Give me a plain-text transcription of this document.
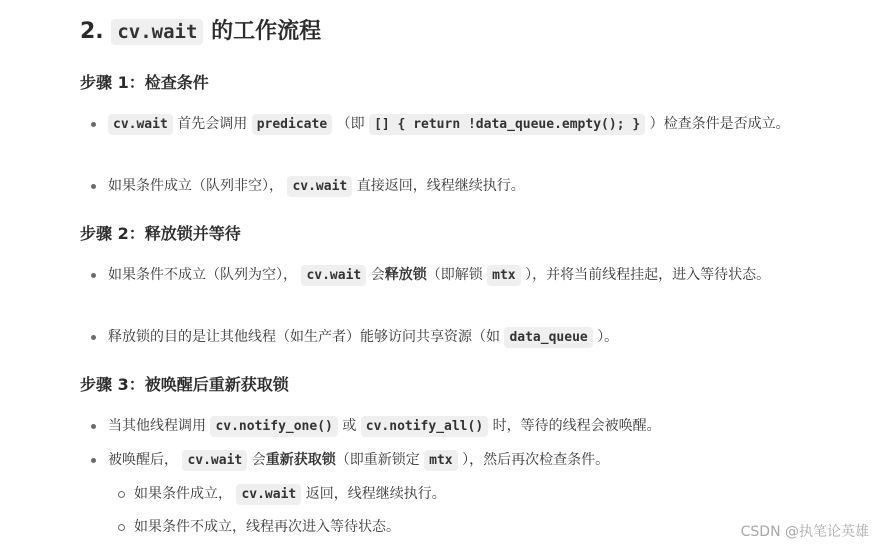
2. cv.wait 的工作流程
步骤 1：检查条件
cv.wait 首先会调用 predicate （即 [] { return !data_queue.empty(); } ）检查条件是否成立。
如果条件成立（队列非空）， cv.wait 直接返回，线程继续执行。
步骤 2：释放锁并等待
如果条件不成立（队列为空）， cv.wait 会释放锁（即解锁 mtx ），并将当前线程挂起，进入等待状态。
释放锁的目的是让其他线程（如生产者）能够访问共享资源（如 data_queue ）。
步骤 3：被唤醒后重新获取锁
当其他线程调用 cv.notify_one() 或 cv.notify_all() 时，等待的线程会被唤醒。
被唤醒后， cv.wait 会重新获取锁（即重新锁定 mtx ），然后再次检查条件。
如果条件成立， cv.wait 返回，线程继续执行。
如果条件不成立，线程再次进入等待状态。	CSDN @执笔论英雄
